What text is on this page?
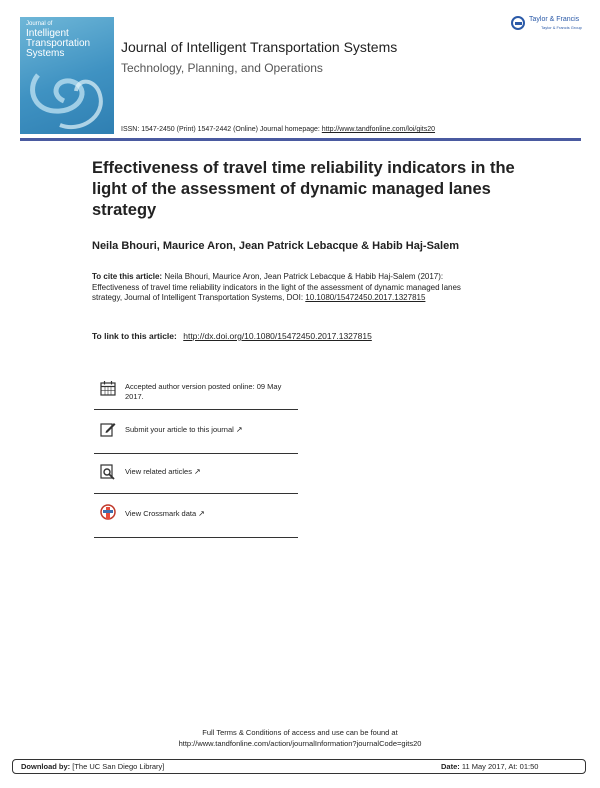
Journal of
Intelligent
Transportation
Systems	Journal of Intelligent Transportation Systems
Technology, Planning, and Operations
Taylor & Francis
Taylor & Francis Group
ISSN: 1547-2450 (Print) 1547-2442 (Online) Journal homepage: http://www.tandfonline.com/loi/gits20
Effectiveness of travel time reliability indicators in the light of the assessment of dynamic managed lanes strategy
Neila Bhouri, Maurice Aron, Jean Patrick Lebacque & Habib Haj-Salem
To cite this article: Neila Bhouri, Maurice Aron, Jean Patrick Lebacque & Habib Haj-Salem (2017): Effectiveness of travel time reliability indicators in the light of the assessment of dynamic managed lanes strategy, Journal of Intelligent Transportation Systems, DOI: 10.1080/15472450.2017.1327815
To link to this article: http://dx.doi.org/10.1080/15472450.2017.1327815
Accepted author version posted online: 09 May 2017.
Submit your article to this journal ↗
View related articles ↗
View Crossmark data ↗
Full Terms & Conditions of access and use can be found at
http://www.tandfonline.com/action/journalInformation?journalCode=gits20
Download by: [The UC San Diego Library]	Date: 11 May 2017, At: 01:50
